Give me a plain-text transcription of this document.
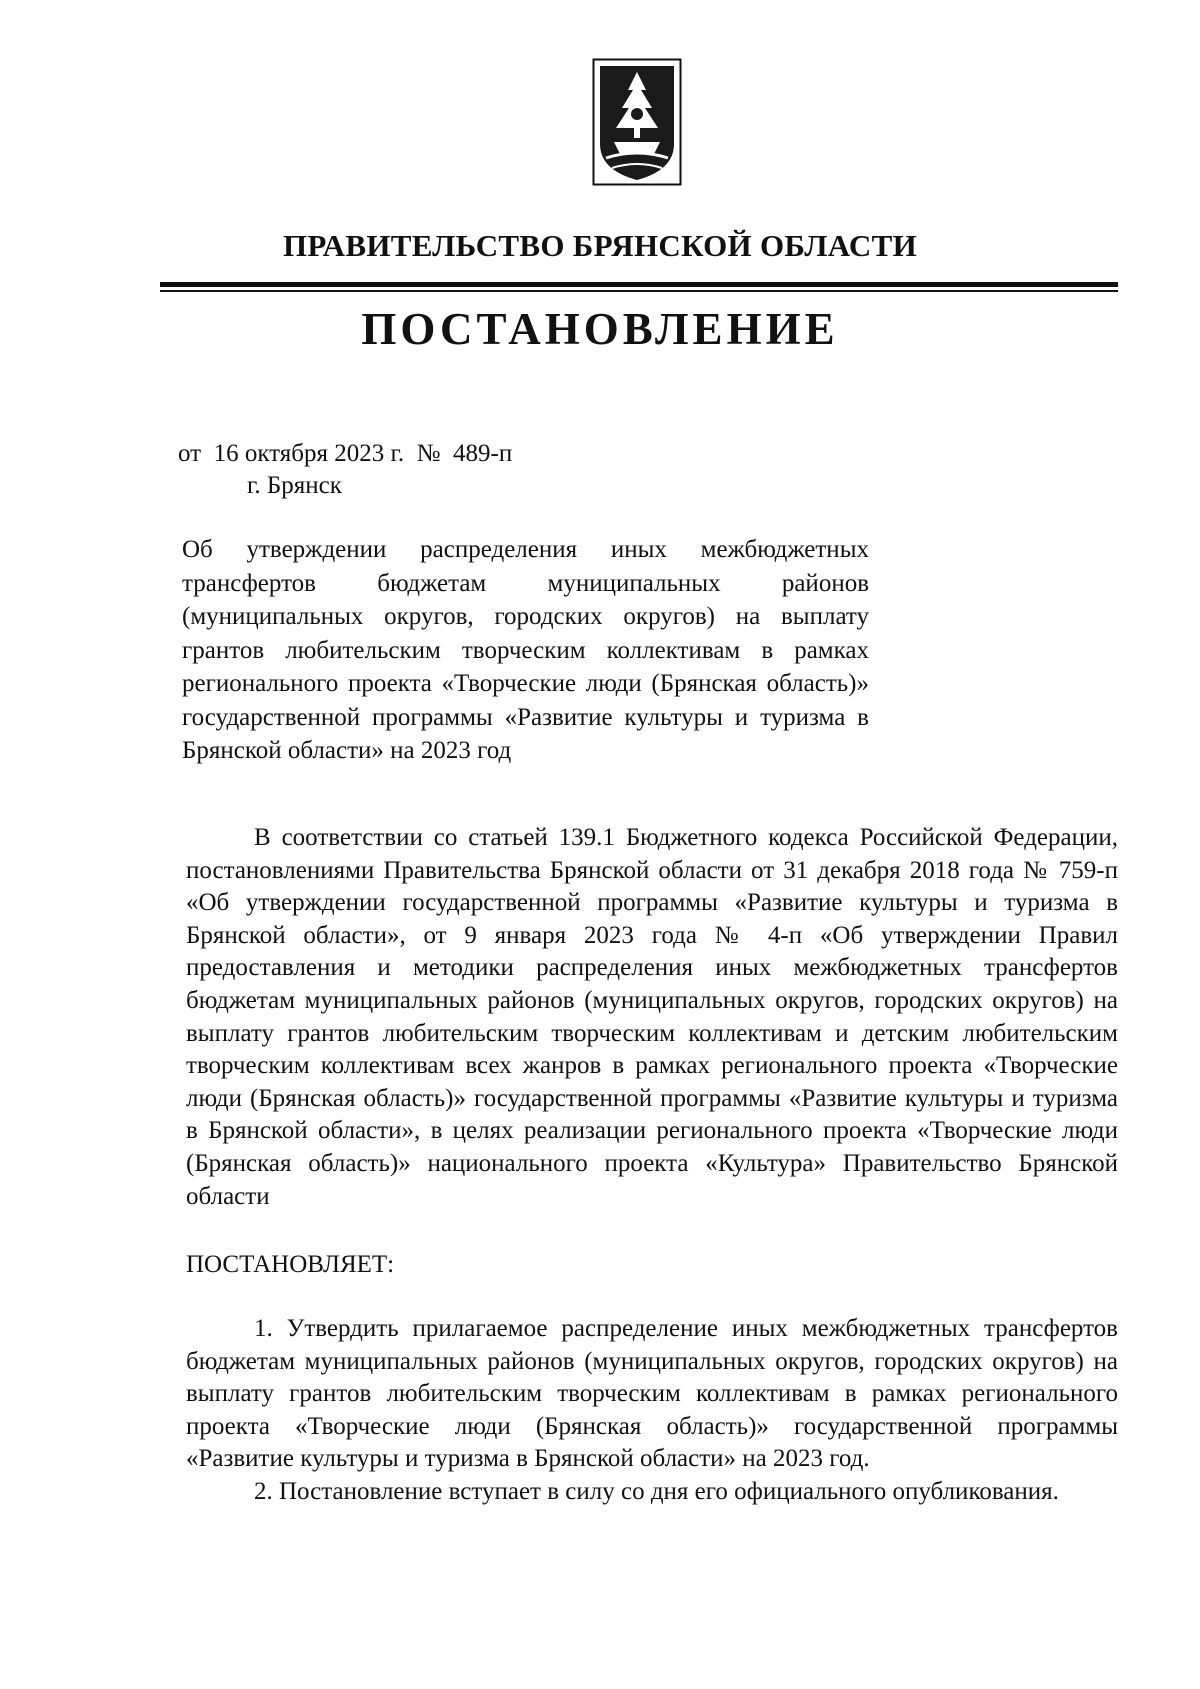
ПРАВИТЕЛЬСТВО БРЯНСКОЙ ОБЛАСТИ
ПОСТАНОВЛЕНИЕ
от  16 октября 2023 г.  №  489-п
г. Брянск
Об утверждении распределения иных межбюджетных трансфертов бюджетам муниципальных районов (муниципальных округов, городских округов) на выплату грантов любительским творческим коллективам в рамках регионального проекта «Творческие люди (Брянская область)» государственной программы «Развитие культуры и туризма в Брянской области» на 2023 год

В соответствии со статьей 139.1 Бюджетного кодекса Российской Федерации, постановлениями Правительства Брянской области от 31 декабря 2018 года № 759-п «Об утверждении государственной программы «Развитие культуры и туризма в Брянской области», от 9 января 2023 года № 4-п «Об утверждении Правил предоставления и методики распределения иных межбюджетных трансфертов бюджетам муниципальных районов (муниципальных округов, городских округов) на выплату грантов любительским творческим коллективам и детским любительским творческим коллективам всех жанров в рамках регионального проекта «Творческие люди (Брянская область)» государственной программы «Развитие культуры и туризма в Брянской области», в целях реализации регионального проекта «Творческие люди (Брянская область)» национального проекта «Культура» Правительство Брянской области

ПОСТАНОВЛЯЕТ:

1. Утвердить прилагаемое распределение иных межбюджетных трансфертов бюджетам муниципальных районов (муниципальных округов, городских округов) на выплату грантов любительским творческим коллективам в рамках регионального проекта «Творческие люди (Брянская область)» государственной программы «Развитие культуры и туризма в Брянской области» на 2023 год.

2. Постановление вступает в силу со дня его официального опубликования.
